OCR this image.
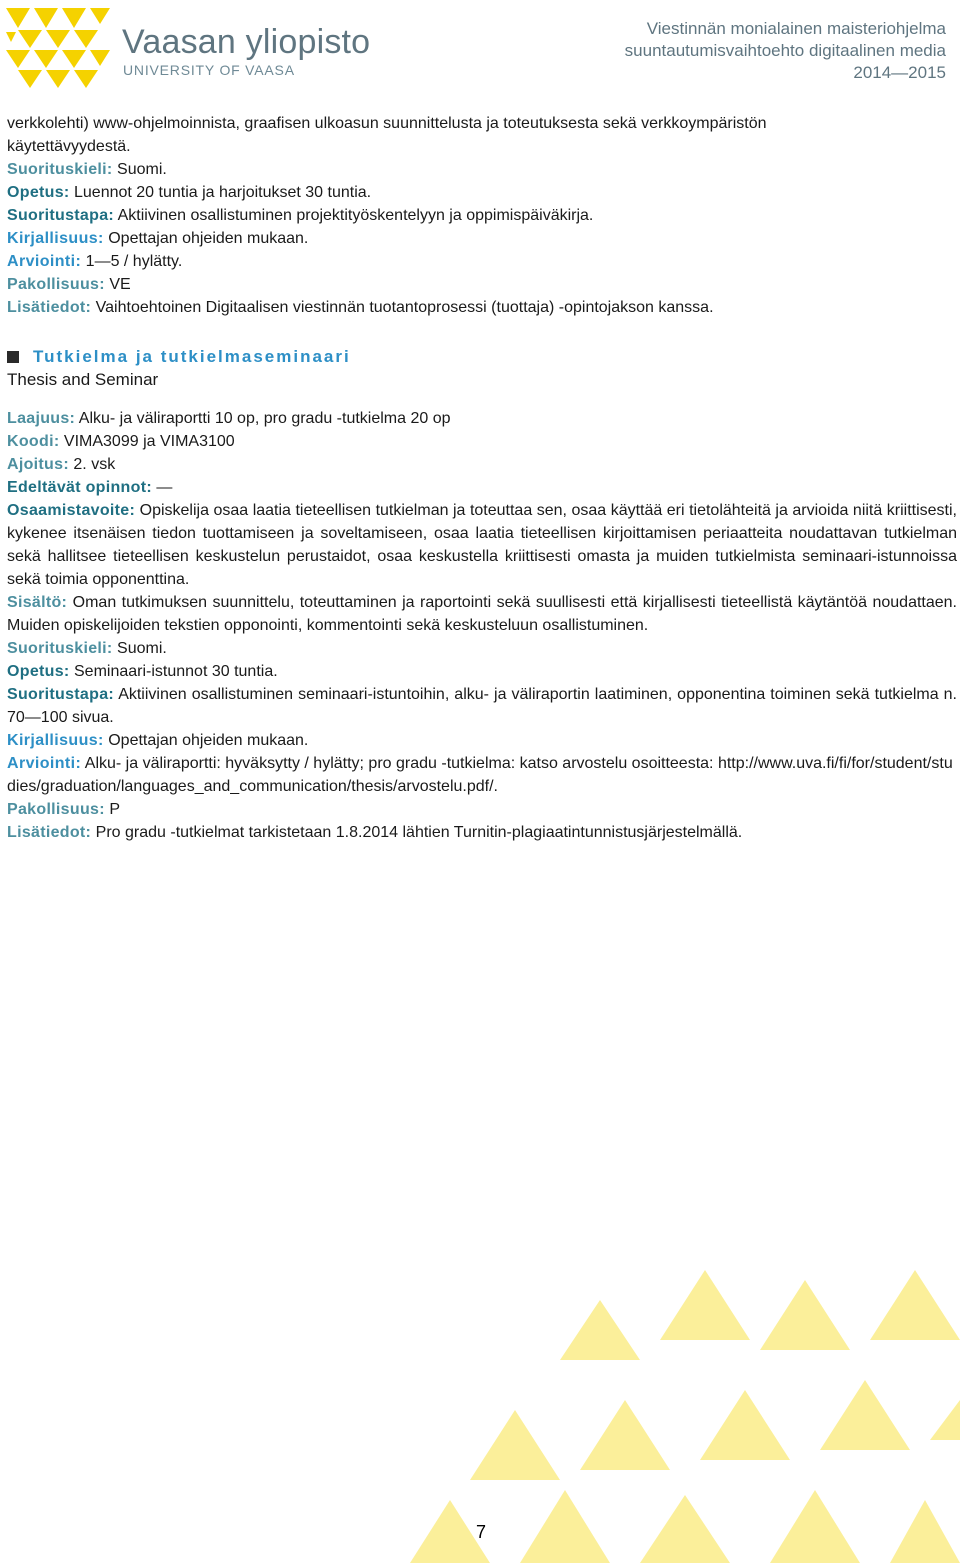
Vaasan yliopisto
UNIVERSITY OF VAASA
Viestinnän monialainen maisteriohjelma
suuntautumisvaihtoehto digitaalinen media
2014—2015
verkkolehti) www-ohjelmoinnista, graafisen ulkoasun suunnittelusta ja toteutuksesta sekä verkkoympäristön
käytettävyydestä.
Suorituskieli: Suomi.
Opetus: Luennot 20 tuntia ja harjoitukset 30 tuntia.
Suoritustapa: Aktiivinen osallistuminen projektityöskentelyyn ja oppimispäiväkirja.
Kirjallisuus: Opettajan ohjeiden mukaan.
Arviointi: 1—5 / hylätty.
Pakollisuus: VE
Lisätiedot: Vaihtoehtoinen Digitaalisen viestinnän tuotantoprosessi (tuottaja) -opintojakson kanssa.
Tutkielma ja tutkielmaseminaari
Thesis and Seminar
Laajuus: Alku- ja väliraportti 10 op, pro gradu -tutkielma 20 op
Koodi: VIMA3099 ja VIMA3100
Ajoitus: 2. vsk
Edeltävät opinnot: —
Osaamistavoite: Opiskelija osaa laatia tieteellisen tutkielman ja toteuttaa sen, osaa käyttää eri tietolähteitä ja arvioida niitä kriittisesti, kykenee itsenäisen tiedon tuottamiseen ja soveltamiseen, osaa laatia tieteellisen kirjoittamisen periaatteita noudattavan tutkielman sekä hallitsee tieteellisen keskustelun perustaidot, osaa keskustella kriittisesti omasta ja muiden tutkielmista seminaari-istunnoissa sekä toimia opponenttina.
Sisältö: Oman tutkimuksen suunnittelu, toteuttaminen ja raportointi sekä suullisesti että kirjallisesti tieteellistä käytäntöä noudattaen. Muiden opiskelijoiden tekstien opponointi, kommentointi sekä keskusteluun osallistuminen.
Suorituskieli: Suomi.
Opetus: Seminaari-istunnot 30 tuntia.
Suoritustapa: Aktiivinen osallistuminen seminaari-istuntoihin, alku- ja väliraportin laatiminen, opponentina toiminen sekä tutkielma n. 70—100 sivua.
Kirjallisuus: Opettajan ohjeiden mukaan.
Arviointi: Alku- ja väliraportti: hyväksytty / hylätty; pro gradu -tutkielma: katso arvostelu osoitteesta: http://www.uva.fi/fi/for/student/studies/graduation/languages_and_communication/thesis/arvostelu.pdf/.
Pakollisuus: P
Lisätiedot: Pro gradu -tutkielmat tarkistetaan 1.8.2014 lähtien Turnitin-plagiaatintunnistusjärjestelmällä.
7
